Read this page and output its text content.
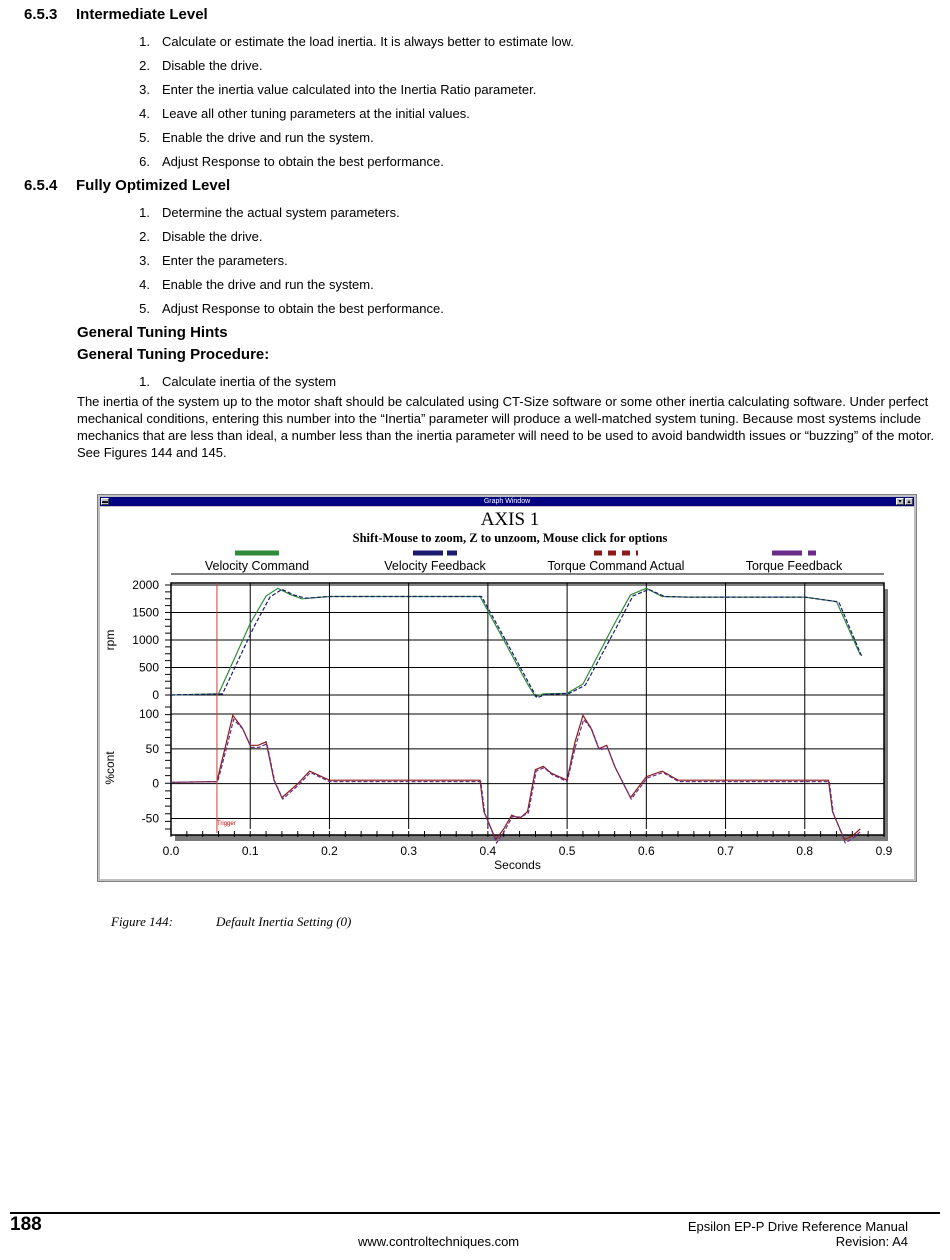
6.5.3 Intermediate Level
1. Calculate or estimate the load inertia. It is always better to estimate low.
2. Disable the drive.
3. Enter the inertia value calculated into the Inertia Ratio parameter.
4. Leave all other tuning parameters at the initial values.
5. Enable the drive and run the system.
6. Adjust Response to obtain the best performance.
6.5.4 Fully Optimized Level
1. Determine the actual system parameters.
2. Disable the drive.
3. Enter the parameters.
4. Enable the drive and run the system.
5. Adjust Response to obtain the best performance.
General Tuning Hints
General Tuning Procedure:
1. Calculate inertia of the system
The inertia of the system up to the motor shaft should be calculated using CT-Size software or some other inertia calculating software. Under perfect mechanical conditions, entering this number into the “Inertia” parameter will produce a well-matched system tuning. Because most systems include mechanics that are less than ideal, a number less than the inertia parameter will need to be used to avoid bandwidth issues or “buzzing” of the motor. See Figures 144 and 145.
▬	Graph Window	▾ ▴
AXIS 1
Shift-Mouse to zoom, Z to unzoom, Mouse click for options
Velocity Command	Velocity Feedback	Torque Command Actual	Torque Feedback
0.0	0.1	0.2	0.3	0.4	0.5	0.6	0.7	0.8	0.9
Seconds
2000
1500
1000
500
0
rpm
100
50
0
-50
%cont
Trigger
Figure 144:	Default Inertia Setting (0)
188
www.controltechniques.com
Epsilon EP-P Drive Reference Manual
Revision: A4
